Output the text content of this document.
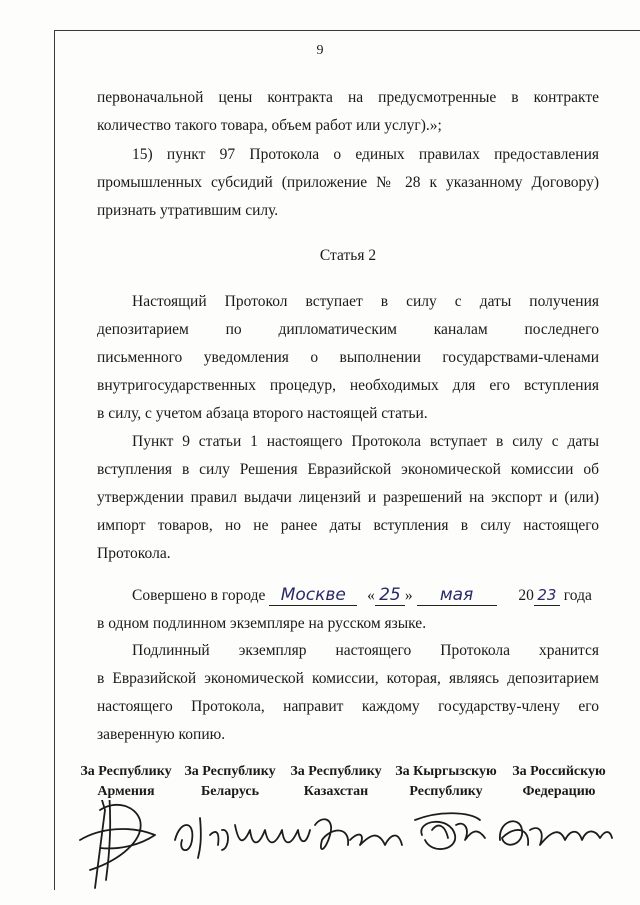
9
первоначальной цены контракта на предусмотренные в контракте
количество такого товара, объем работ или услуг).»;
15) пункт 97 Протокола о единых правилах предоставления
промышленных субсидий (приложение № 28 к указанному Договору)
признать утратившим силу.
Статья 2
Настоящий Протокол вступает в силу с даты получения
депозитарием по дипломатическим каналам последнего
письменного уведомления о выполнении государствами-членами
внутригосударственных процедур, необходимых для его вступления
в силу, с учетом абзаца второго настоящей статьи.
Пункт 9 статьи 1 настоящего Протокола вступает в силу с даты
вступления в силу Решения Евразийской экономической комиссии об
утверждении правил выдачи лицензий и разрешений на экспорт и (или)
импорт товаров, но не ранее даты вступления в силу настоящего
Протокола.
Совершено в городе Москве « 25 » мая	20 23 года
в одном подлинном экземпляре на русском языке.
Подлинный экземпляр настоящего Протокола хранится
в Евразийской экономической комиссии, которая, являясь депозитарием
настоящего Протокола, направит каждому государству-члену его
заверенную копию.
За Республику
Армения
За Республику
Беларусь
За Республику
Казахстан
За Кыргызскую
Республику
За Российскую
Федерацию
